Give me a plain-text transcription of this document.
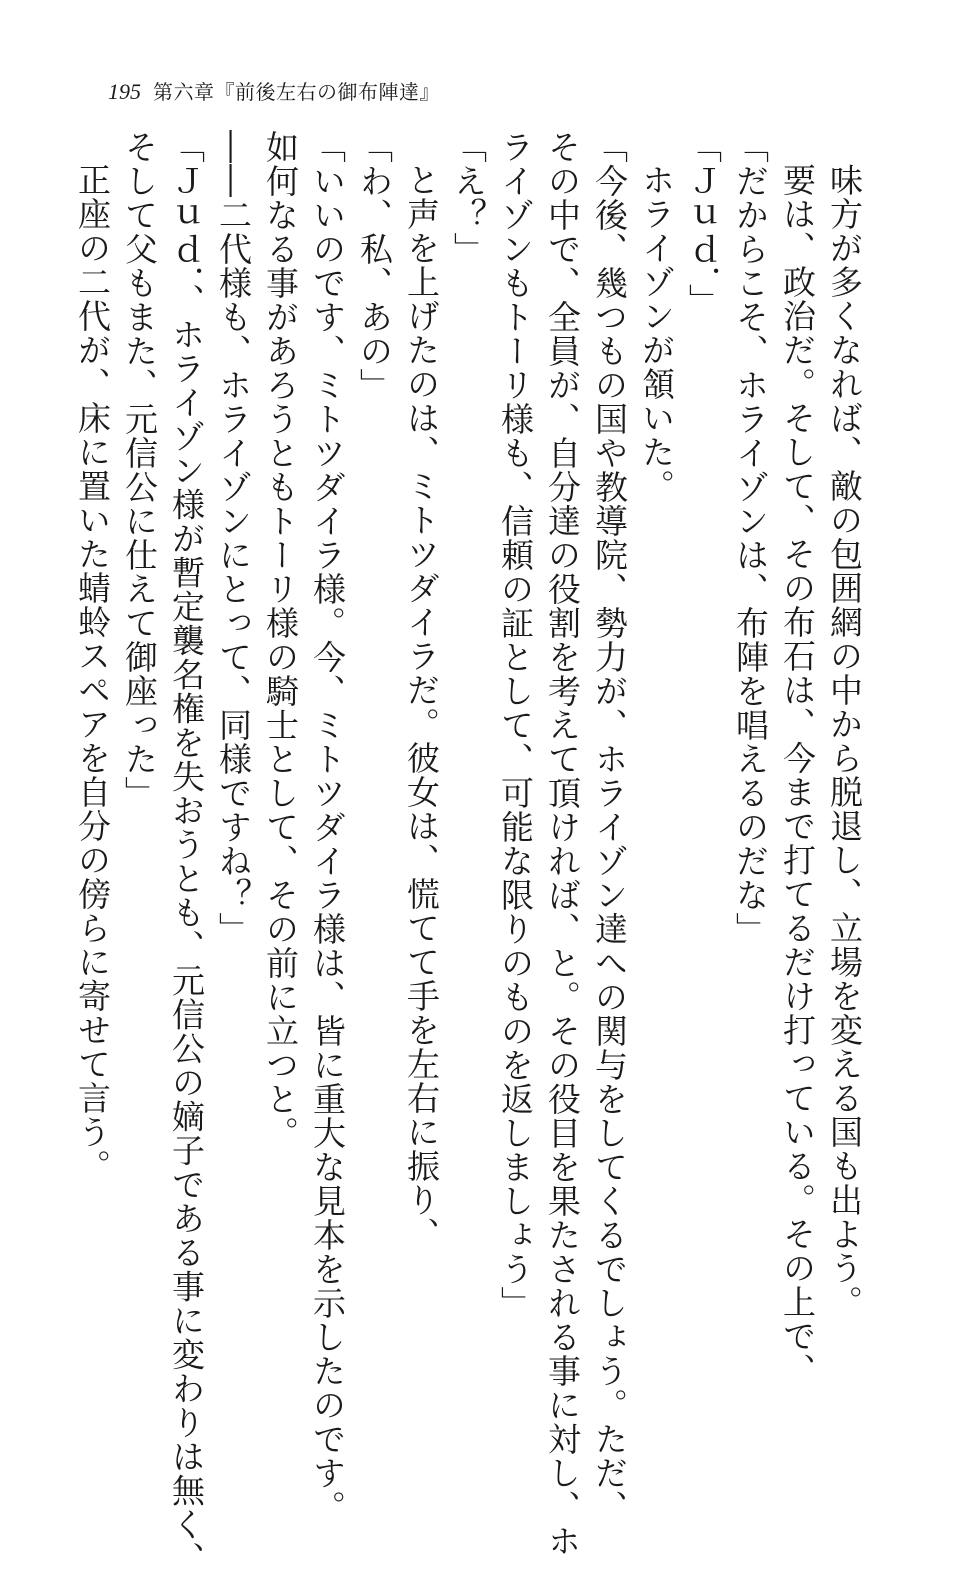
195 第六章『前後左右の御布陣達』
味方が多くなれば、敵の包囲網の中から脱退し、立場を変える国も出よう。
要は、政治だ。そして、その布石は、今まで打てるだけ打っている。その上で、
「だからこそ、ホライゾンは、布陣を唱えるのだな」
「Ｊｕｄ．」
ホライゾンが頷いた。
「今後、幾つもの国や教導院、勢力が、ホライゾン達への関与をしてくるでしょう。ただ、
その中で、全員が、自分達の役割を考えて頂ければ、と。その役目を果たされる事に対し、ホ
ライゾンもトーリ様も、信頼の証として、可能な限りのものを返しましょう」
「え？」
と声を上げたのは、ミトツダイラだ。彼女は、慌てて手を左右に振り、
「わ、私、あの」
「いいのです、ミトツダイラ様。今、ミトツダイラ様は、皆に重大な見本を示したのです。
如何なる事があろうともトーリ様の騎士として、その前に立つと。
――二代様も、ホライゾンにとって、同様ですね？」
「Ｊｕｄ．、ホライゾン様が暫定襲名権を失おうとも、元信公の嫡子である事に変わりは無く、
そして父もまた、元信公に仕えて御座った」
正座の二代が、床に置いた蜻蛉スペアを自分の傍らに寄せて言う。
